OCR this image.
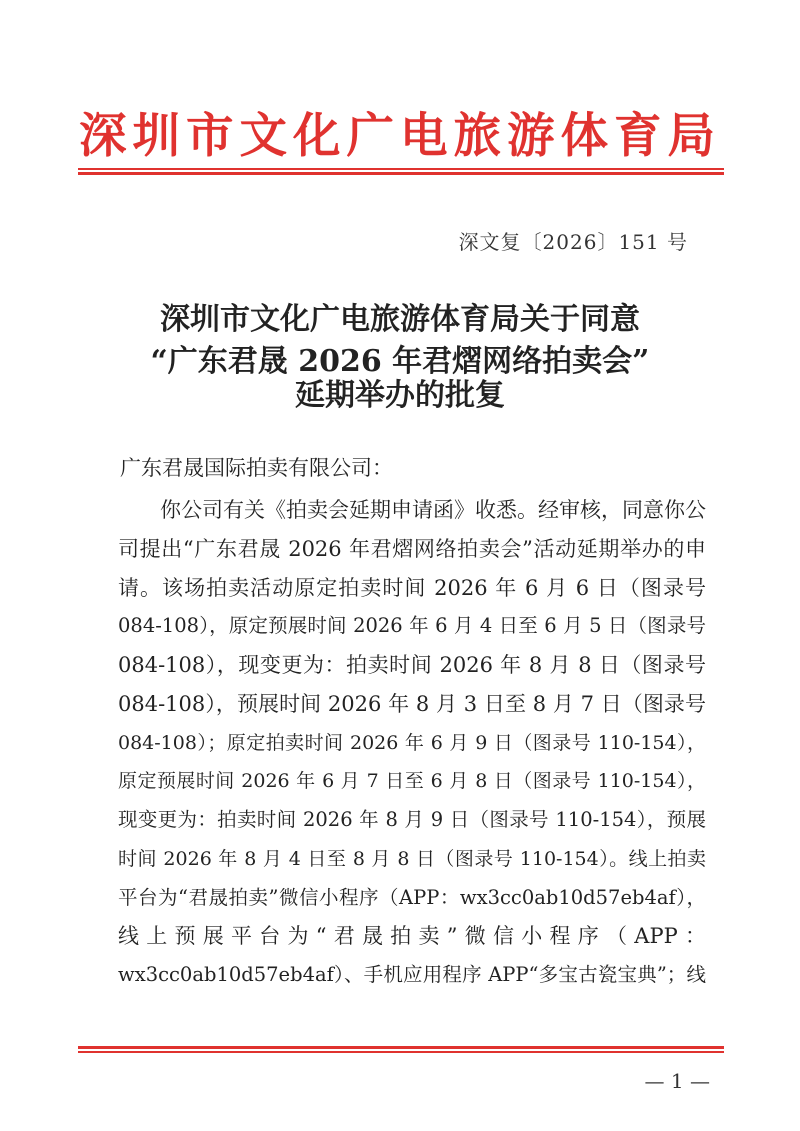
深圳市文化广电旅游体育局
深文复〔2026〕151 号
深圳市文化广电旅游体育局关于同意
“广东君晟 2026 年君熠网络拍卖会”
延期举办的批复
广东君晟国际拍卖有限公司：
你公司有关《拍卖会延期申请函》收悉。经审核，同意你公
司提出“广东君晟 2026 年君熠网络拍卖会”活动延期举办的申
请。该场拍卖活动原定拍卖时间 2026 年 6 月 6 日（图录号
084-108），原定预展时间 2026 年 6 月 4 日至 6 月 5 日（图录号
084-108），现变更为：拍卖时间 2026 年 8 月 8 日（图录号
084-108），预展时间 2026 年 8 月 3 日至 8 月 7 日（图录号
084-108）；原定拍卖时间 2026 年 6 月 9 日（图录号 110-154），
原定预展时间 2026 年 6 月 7 日至 6 月 8 日（图录号 110-154），
现变更为：拍卖时间 2026 年 8 月 9 日（图录号 110-154），预展
时间 2026 年 8 月 4 日至 8 月 8 日（图录号 110-154）。线上拍卖
平台为“君晟拍卖”微信小程序（APP：wx3cc0ab10d57eb4af），
线上预展平台为“君晟拍卖”微信小程序（APP：
wx3cc0ab10d57eb4af）、手机应用程序 APP“多宝古瓷宝典”；线
— 1 —
